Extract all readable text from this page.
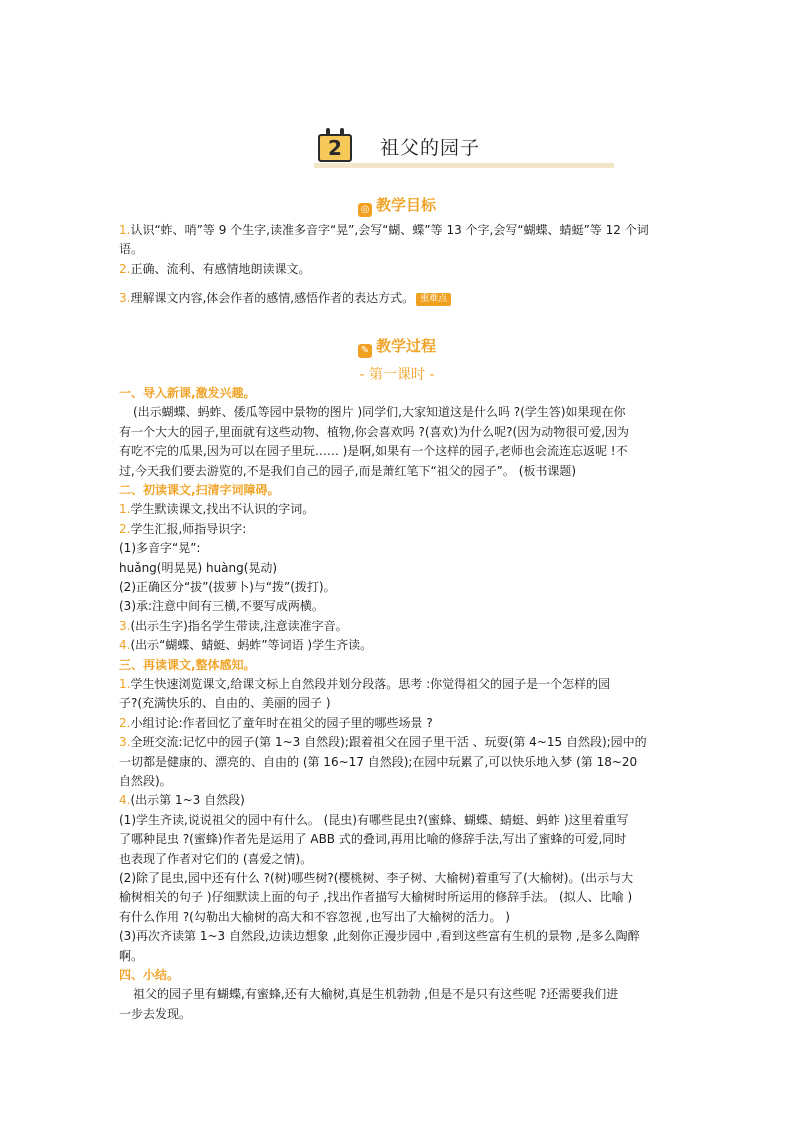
2	祖父的园子
◎ 教学目标
1.认识“蚱、哨”等 9 个生字,读准多音字“晃”,会写“蝴、蝶”等 13 个字,会写“蝴蝶、蜻蜓”等 12 个词
语。
2.正确、流利、有感情地朗读课文。
3.理解课文内容,体会作者的感情,感悟作者的表达方式。 重难点
✎ 教学过程
- 第一课时 -
一、导入新课,激发兴趣。
(出示蝴蝶、蚂蚱、倭瓜等园中景物的图片 )同学们,大家知道这是什么吗 ?(学生答)如果现在你
有一个大大的园子,里面就有这些动物、植物,你会喜欢吗 ?(喜欢)为什么呢?(因为动物很可爱,因为
有吃不完的瓜果,因为可以在园子里玩…… )是啊,如果有一个这样的园子,老师也会流连忘返呢 !不
过,今天我们要去游览的,不是我们自己的园子,而是萧红笔下“祖父的园子”。 (板书课题)
二、初读课文,扫清字词障碍。
1.学生默读课文,找出不认识的字词。
2.学生汇报,师指导识字:
(1)多音字“晃”:
huǎng(明晃晃) huàng(晃动)
(2)正确区分“拔”(拔萝卜)与“拨”(拨打)。
(3)承:注意中间有三横,不要写成两横。
3.(出示生字)指名学生带读,注意读准字音。
4.(出示“蝴蝶、蜻蜓、蚂蚱”等词语 )学生齐读。
三、再读课文,整体感知。
1.学生快速浏览课文,给课文标上自然段并划分段落。思考 :你觉得祖父的园子是一个怎样的园
子?(充满快乐的、自由的、美丽的园子 )
2.小组讨论:作者回忆了童年时在祖父的园子里的哪些场景 ?
3.全班交流:记忆中的园子(第 1~3 自然段);跟着祖父在园子里干活 、玩耍(第 4~15 自然段);园中的
一切都是健康的、漂亮的、自由的 (第 16~17 自然段);在园中玩累了,可以快乐地入梦 (第 18~20
自然段)。
4.(出示第 1~3 自然段)
(1)学生齐读,说说祖父的园中有什么。 (昆虫)有哪些昆虫?(蜜蜂、蝴蝶、蜻蜓、蚂蚱 )这里着重写
了哪种昆虫 ?(蜜蜂)作者先是运用了 ABB 式的叠词,再用比喻的修辞手法,写出了蜜蜂的可爱,同时
也表现了作者对它们的 (喜爱之情)。
(2)除了昆虫,园中还有什么 ?(树)哪些树?(樱桃树、李子树、大榆树)着重写了(大榆树)。(出示与大
榆树相关的句子 )仔细默读上面的句子 ,找出作者描写大榆树时所运用的修辞手法。 (拟人、比喻 )
有什么作用 ?(勾勒出大榆树的高大和不容忽视 ,也写出了大榆树的活力。 )
(3)再次齐读第 1~3 自然段,边读边想象 ,此刻你正漫步园中 ,看到这些富有生机的景物 ,是多么陶醉
啊。
四、小结。
祖父的园子里有蝴蝶,有蜜蜂,还有大榆树,真是生机勃勃 ,但是不是只有这些呢 ?还需要我们进
一步去发现。
